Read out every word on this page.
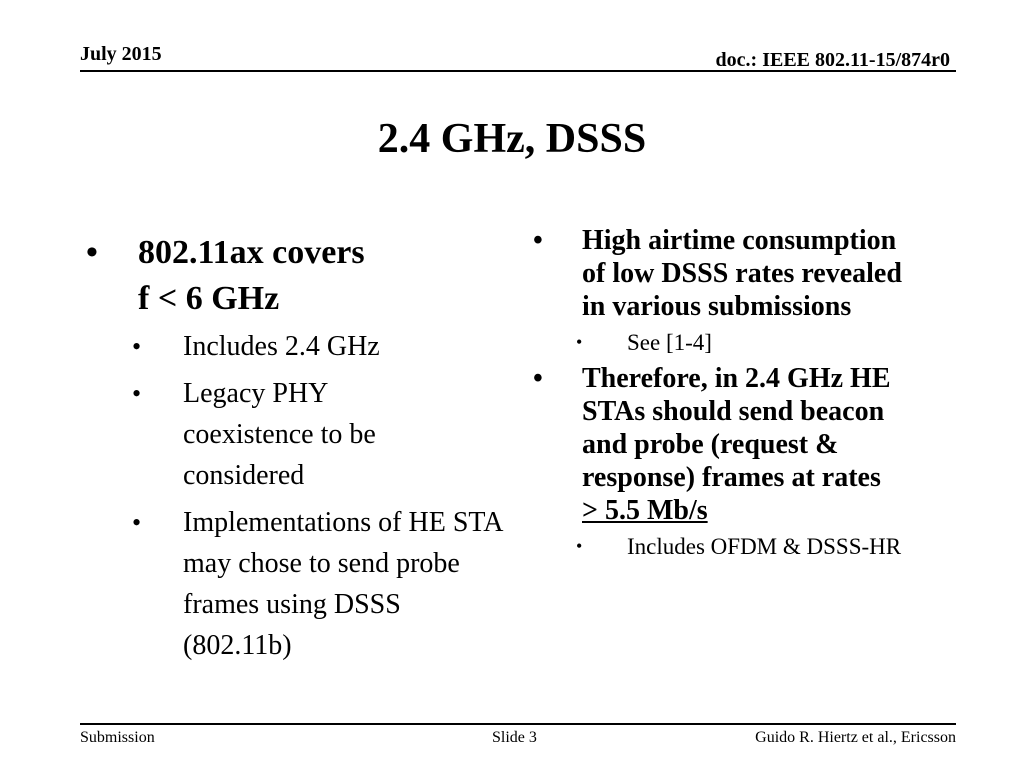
July 2015	doc.: IEEE 802.11-15/874r0
2.4 GHz, DSSS
• 802.11ax covers
f < 6 GHz
• Includes 2.4 GHz
• Legacy PHY coexistence to be considered
• Implementations of HE STA may chose to send probe frames using DSSS (802.11b)
• High airtime consumption of low DSSS rates revealed in various submissions
• See [1-4]
• Therefore, in 2.4 GHz HE STAs should send beacon and probe (request & response) frames at rates
> 5.5 Mb/s
• Includes OFDM & DSSS-HR
Submission	Slide 3	Guido R. Hiertz et al., Ericsson
